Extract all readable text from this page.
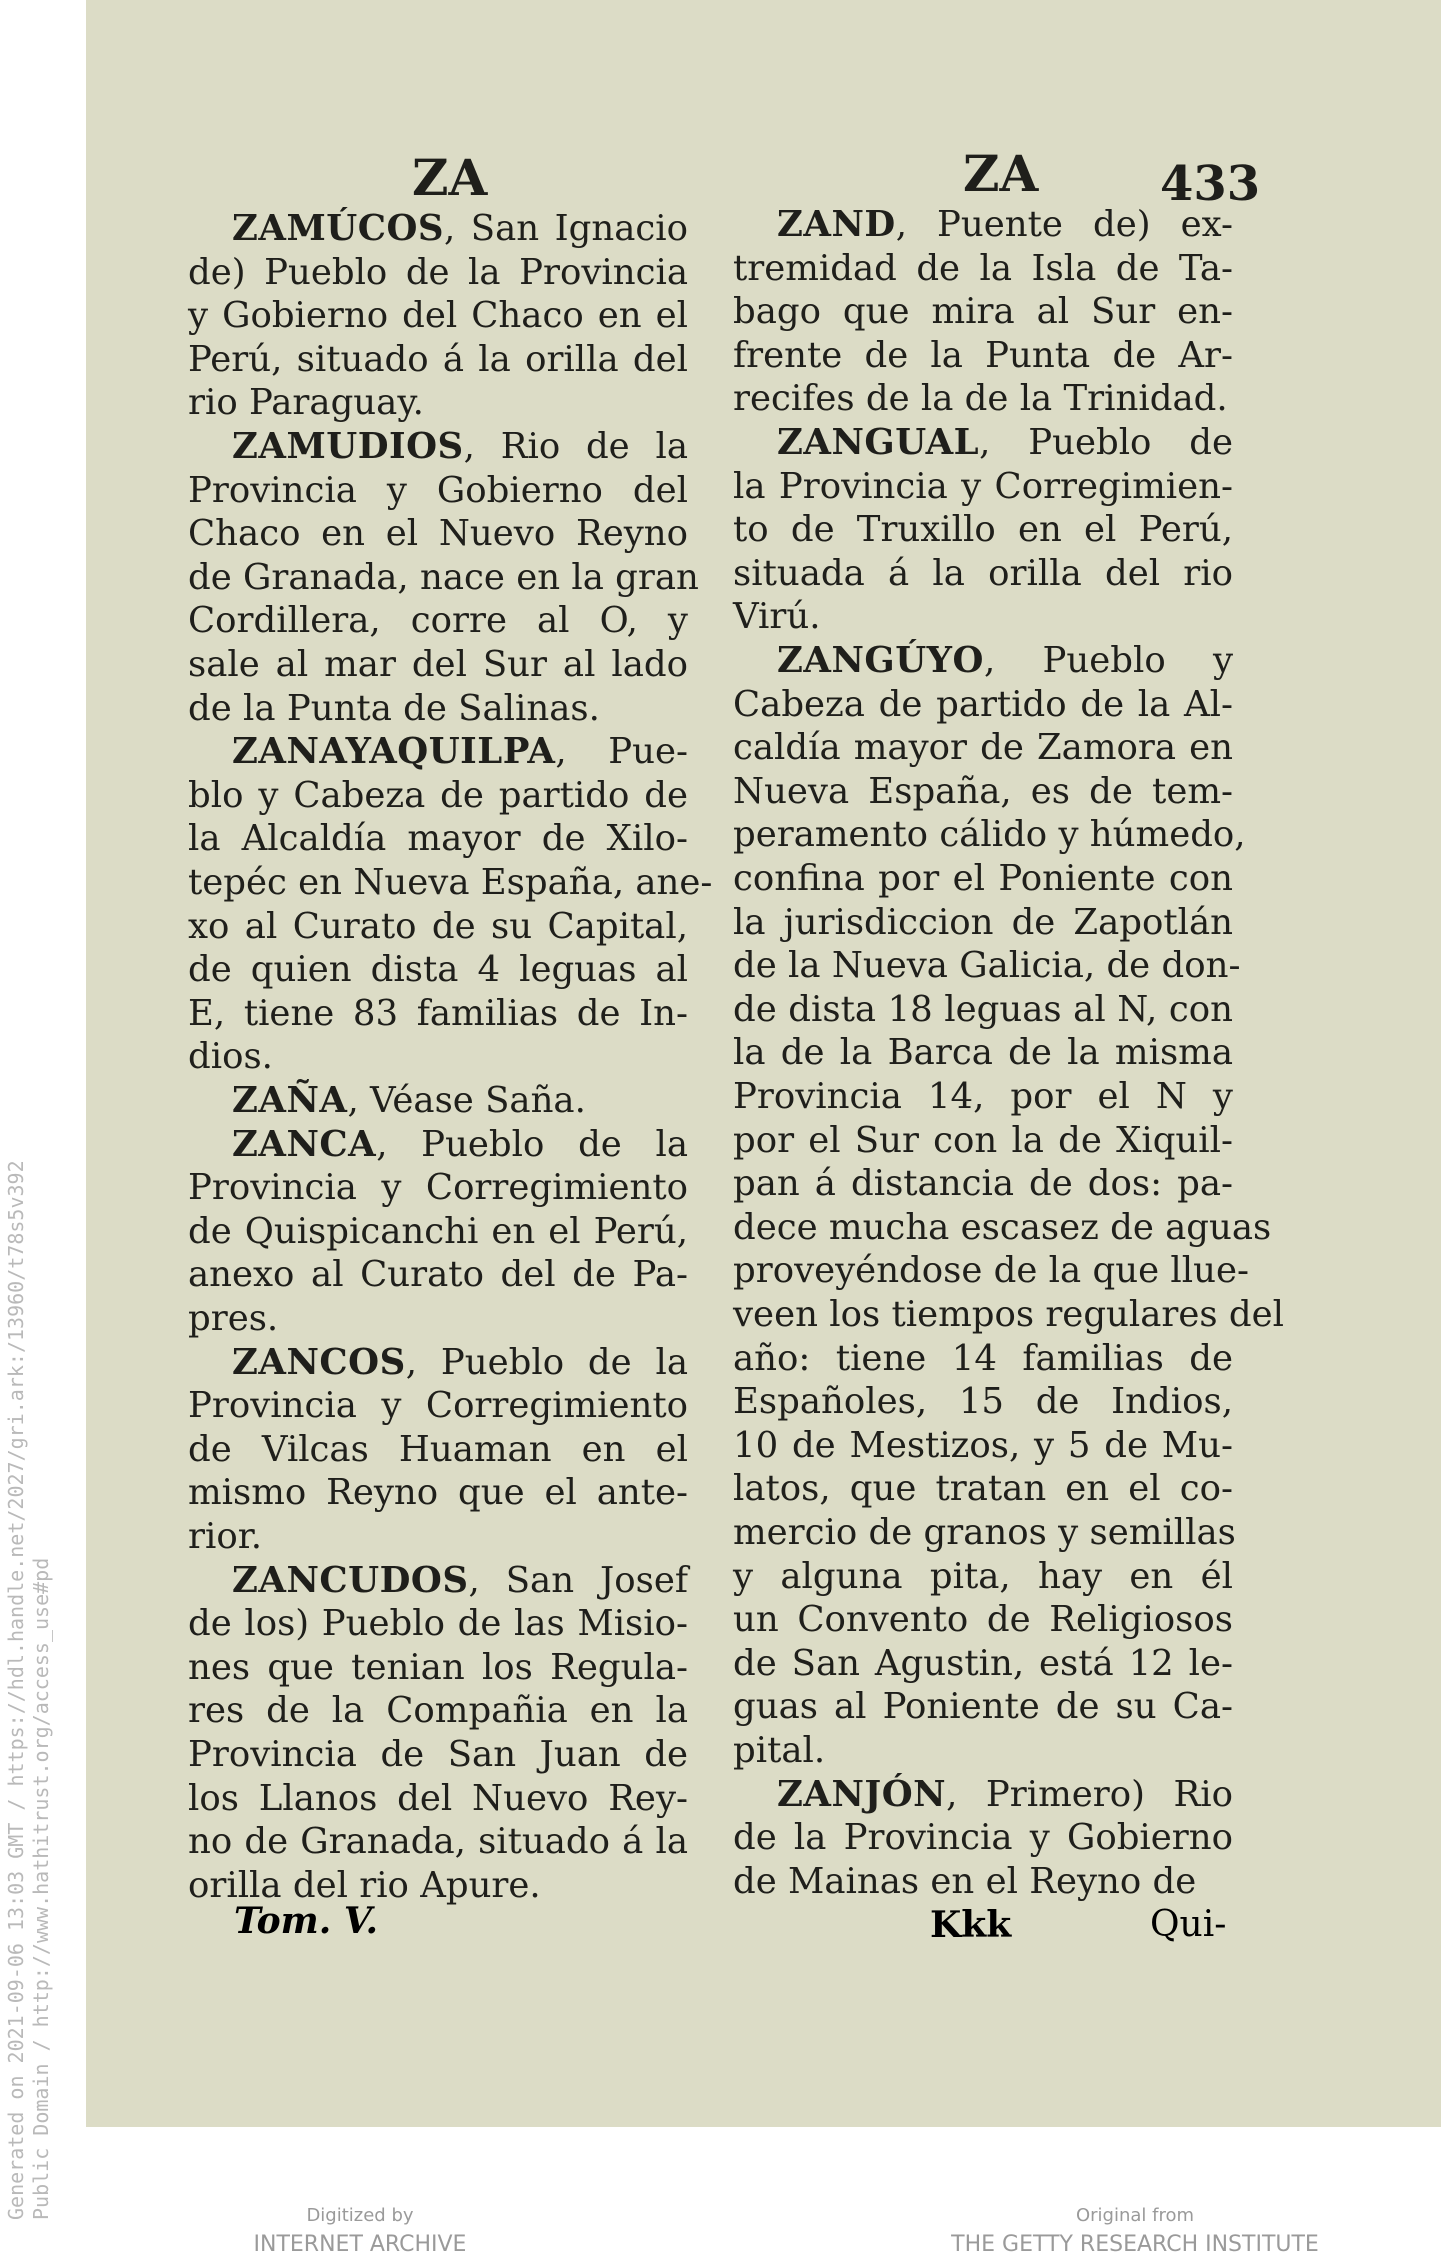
ZA	ZA	433
ZAMÚCOS, San Ignacio
de) Pueblo de la Provincia
y Gobierno del Chaco en el
Perú, situado á la orilla del
rio Paraguay.
ZAMUDIOS, Rio de la
Provincia y Gobierno del
Chaco en el Nuevo Reyno
de Granada, nace en la gran
Cordillera, corre al O, y
sale al mar del Sur al lado
de la Punta de Salinas.
ZANAYAQUILPA, Pue-
blo y Cabeza de partido de
la Alcaldía mayor de Xilo-
tepéc en Nueva España, ane-
xo al Curato de su Capital,
de quien dista 4 leguas al
E, tiene 83 familias de In-
dios.
ZAÑA, Véase Saña.
ZANCA, Pueblo de la
Provincia y Corregimiento
de Quispicanchi en el Perú,
anexo al Curato del de Pa-
pres.
ZANCOS, Pueblo de la
Provincia y Corregimiento
de Vilcas Huaman en el
mismo Reyno que el ante-
rior.
ZANCUDOS, San Josef
de los) Pueblo de las Misio-
nes que tenian los Regula-
res de la Compañia en la
Provincia de San Juan de
los Llanos del Nuevo Rey-
no de Granada, situado á la
orilla del rio Apure.
ZAND, Puente de) ex-
tremidad de la Isla de Ta-
bago que mira al Sur en-
frente de la Punta de Ar-
recifes de la de la Trinidad.
ZANGUAL, Pueblo de
la Provincia y Corregimien-
to de Truxillo en el Perú,
situada á la orilla del rio
Virú.
ZANGÚYO, Pueblo y
Cabeza de partido de la Al-
caldía mayor de Zamora en
Nueva España, es de tem-
peramento cálido y húmedo,
confina por el Poniente con
la jurisdiccion de Zapotlán
de la Nueva Galicia, de don-
de dista 18 leguas al N, con
la de la Barca de la misma
Provincia 14, por el N y
por el Sur con la de Xiquil-
pan á distancia de dos: pa-
dece mucha escasez de aguas
proveyéndose de la que llue-
veen los tiempos regulares del
año: tiene 14 familias de
Españoles, 15 de Indios,
10 de Mestizos, y 5 de Mu-
latos, que tratan en el co-
mercio de granos y semillas
y alguna pita, hay en él
un Convento de Religiosos
de San Agustin, está 12 le-
guas al Poniente de su Ca-
pital.
ZANJÓN, Primero) Rio
de la Provincia y Gobierno
de Mainas en el Reyno de
Tom. V.	Kkk	Qui-
Generated on 2021-09-06 13:03 GMT / https://hdl.handle.net/2027/gri.ark:/13960/t78s5v392 Public Domain / http://www.hathitrust.org/access_use#pd	Digitized by
INTERNET ARCHIVE
Original from
THE GETTY RESEARCH INSTITUTE
